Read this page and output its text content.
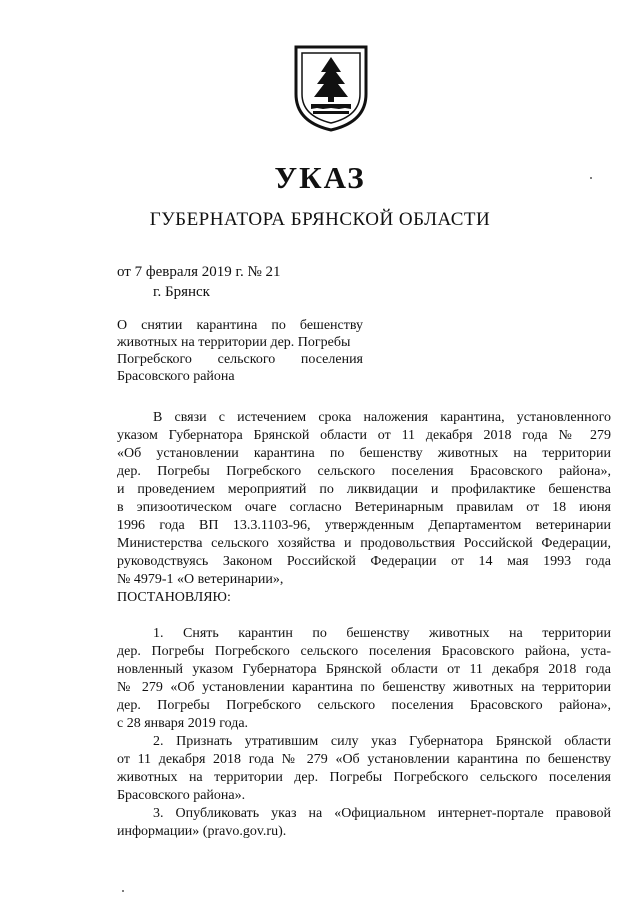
УКАЗ
ГУБЕРНАТОРА БРЯНСКОЙ ОБЛАСТИ
от 7 февраля 2019 г. № 21
г. Брянск
О снятии карантина по бешенству
животных на территории дер. Погребы
Погребского сельского поселения
Брасовского района
В связи с истечением срока наложения карантина, установленного
указом Губернатора Брянской области от 11 декабря 2018 года № 279
«Об установлении карантина по бешенству животных на территории
дер. Погребы Погребского сельского поселения Брасовского района»,
и проведением мероприятий по ликвидации и профилактике бешенства
в эпизоотическом очаге согласно Ветеринарным правилам от 18 июня
1996 года ВП 13.3.1103-96, утвержденным Департаментом ветеринарии
Министерства сельского хозяйства и продовольствия Российской Федерации,
руководствуясь Законом Российской Федерации от 14 мая 1993 года
№ 4979-1 «О ветеринарии»,
ПОСТАНОВЛЯЮ:
1. Снять карантин по бешенству животных на территории
дер. Погребы Погребского сельского поселения Брасовского района, уста-
новленный указом Губернатора Брянской области от 11 декабря 2018 года
№ 279 «Об установлении карантина по бешенству животных на территории
дер. Погребы Погребского сельского поселения Брасовского района»,
с 28 января 2019 года.
2. Признать утратившим силу указ Губернатора Брянской области
от 11 декабря 2018 года № 279 «Об установлении карантина по бешенству
животных на территории дер. Погребы Погребского сельского поселения
Брасовского района».
3. Опубликовать указ на «Официальном интернет-портале правовой
информации» (pravo.gov.ru).
